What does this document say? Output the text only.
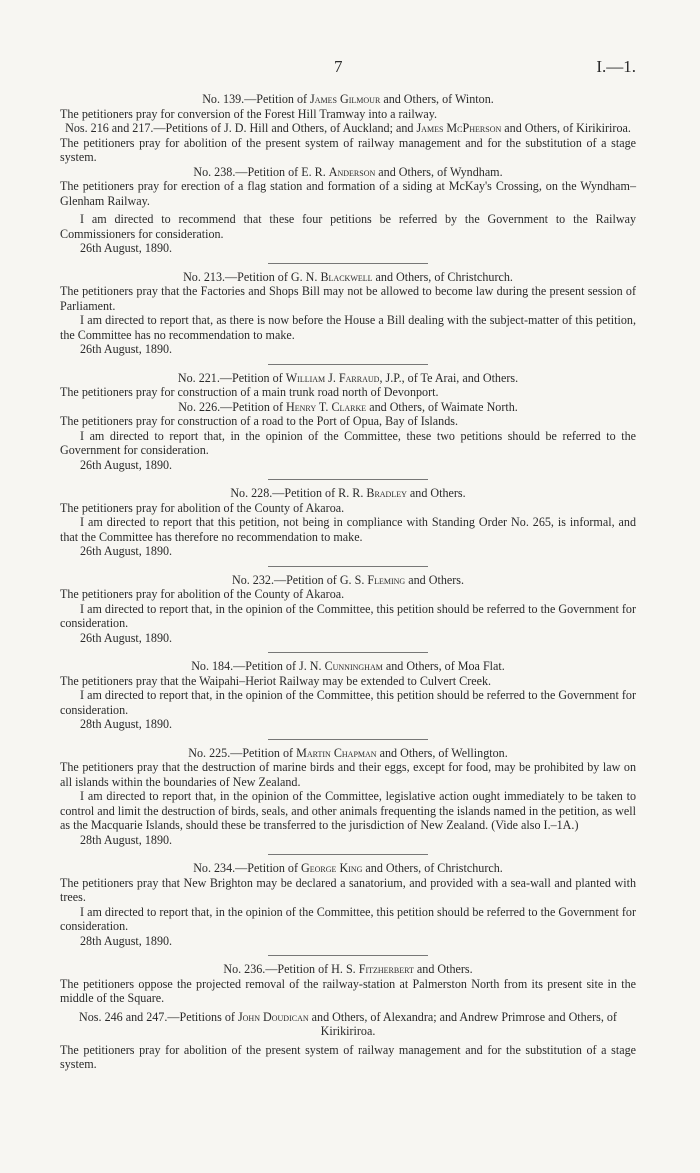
7	I.—1.

No. 139.—Petition of James Gilmour and Others, of Winton.

The petitioners pray for conversion of the Forest Hill Tramway into a railway.

Nos. 216 and 217.—Petitions of J. D. Hill and Others, of Auckland; and James McPherson and Others, of Kirikiriroa.

The petitioners pray for abolition of the present system of railway management and for the substitution of a stage system.

No. 238.—Petition of E. R. Anderson and Others, of Wyndham.

The petitioners pray for erection of a flag station and formation of a siding at McKay's Crossing, on the Wyndham–Glenham Railway.

I am directed to recommend that these four petitions be referred by the Government to the Railway Commissioners for consideration.

26th August, 1890.

No. 213.—Petition of G. N. Blackwell and Others, of Christchurch.

The petitioners pray that the Factories and Shops Bill may not be allowed to become law during the present session of Parliament.

I am directed to report that, as there is now before the House a Bill dealing with the subject-matter of this petition, the Committee has no recommendation to make.

26th August, 1890.

No. 221.—Petition of William J. Farraud, J.P., of Te Arai, and Others.

The petitioners pray for construction of a main trunk road north of Devonport.

No. 226.—Petition of Henry T. Clarke and Others, of Waimate North.

The petitioners pray for construction of a road to the Port of Opua, Bay of Islands.

I am directed to report that, in the opinion of the Committee, these two petitions should be referred to the Government for consideration.

26th August, 1890.

No. 228.—Petition of R. R. Bradley and Others.

The petitioners pray for abolition of the County of Akaroa.

I am directed to report that this petition, not being in compliance with Standing Order No. 265, is informal, and that the Committee has therefore no recommendation to make.

26th August, 1890.

No. 232.—Petition of G. S. Fleming and Others.

The petitioners pray for abolition of the County of Akaroa.

I am directed to report that, in the opinion of the Committee, this petition should be referred to the Government for consideration.

26th August, 1890.

No. 184.—Petition of J. N. Cunningham and Others, of Moa Flat.

The petitioners pray that the Waipahi–Heriot Railway may be extended to Culvert Creek.

I am directed to report that, in the opinion of the Committee, this petition should be referred to the Government for consideration.

28th August, 1890.

No. 225.—Petition of Martin Chapman and Others, of Wellington.

The petitioners pray that the destruction of marine birds and their eggs, except for food, may be prohibited by law on all islands within the boundaries of New Zealand.

I am directed to report that, in the opinion of the Committee, legislative action ought immediately to be taken to control and limit the destruction of birds, seals, and other animals frequenting the islands named in the petition, as well as the Macquarie Islands, should these be transferred to the jurisdiction of New Zealand. (Vide also I.–1A.)

28th August, 1890.

No. 234.—Petition of George King and Others, of Christchurch.

The petitioners pray that New Brighton may be declared a sanatorium, and provided with a sea-wall and planted with trees.

I am directed to report that, in the opinion of the Committee, this petition should be referred to the Government for consideration.

28th August, 1890.

No. 236.—Petition of H. S. Fitzherbert and Others.

The petitioners oppose the projected removal of the railway-station at Palmerston North from its present site in the middle of the Square.

Nos. 246 and 247.—Petitions of John Doudican and Others, of Alexandra; and Andrew Primrose and Others, of Kirikiriroa.

The petitioners pray for abolition of the present system of railway management and for the substitution of a stage system.
